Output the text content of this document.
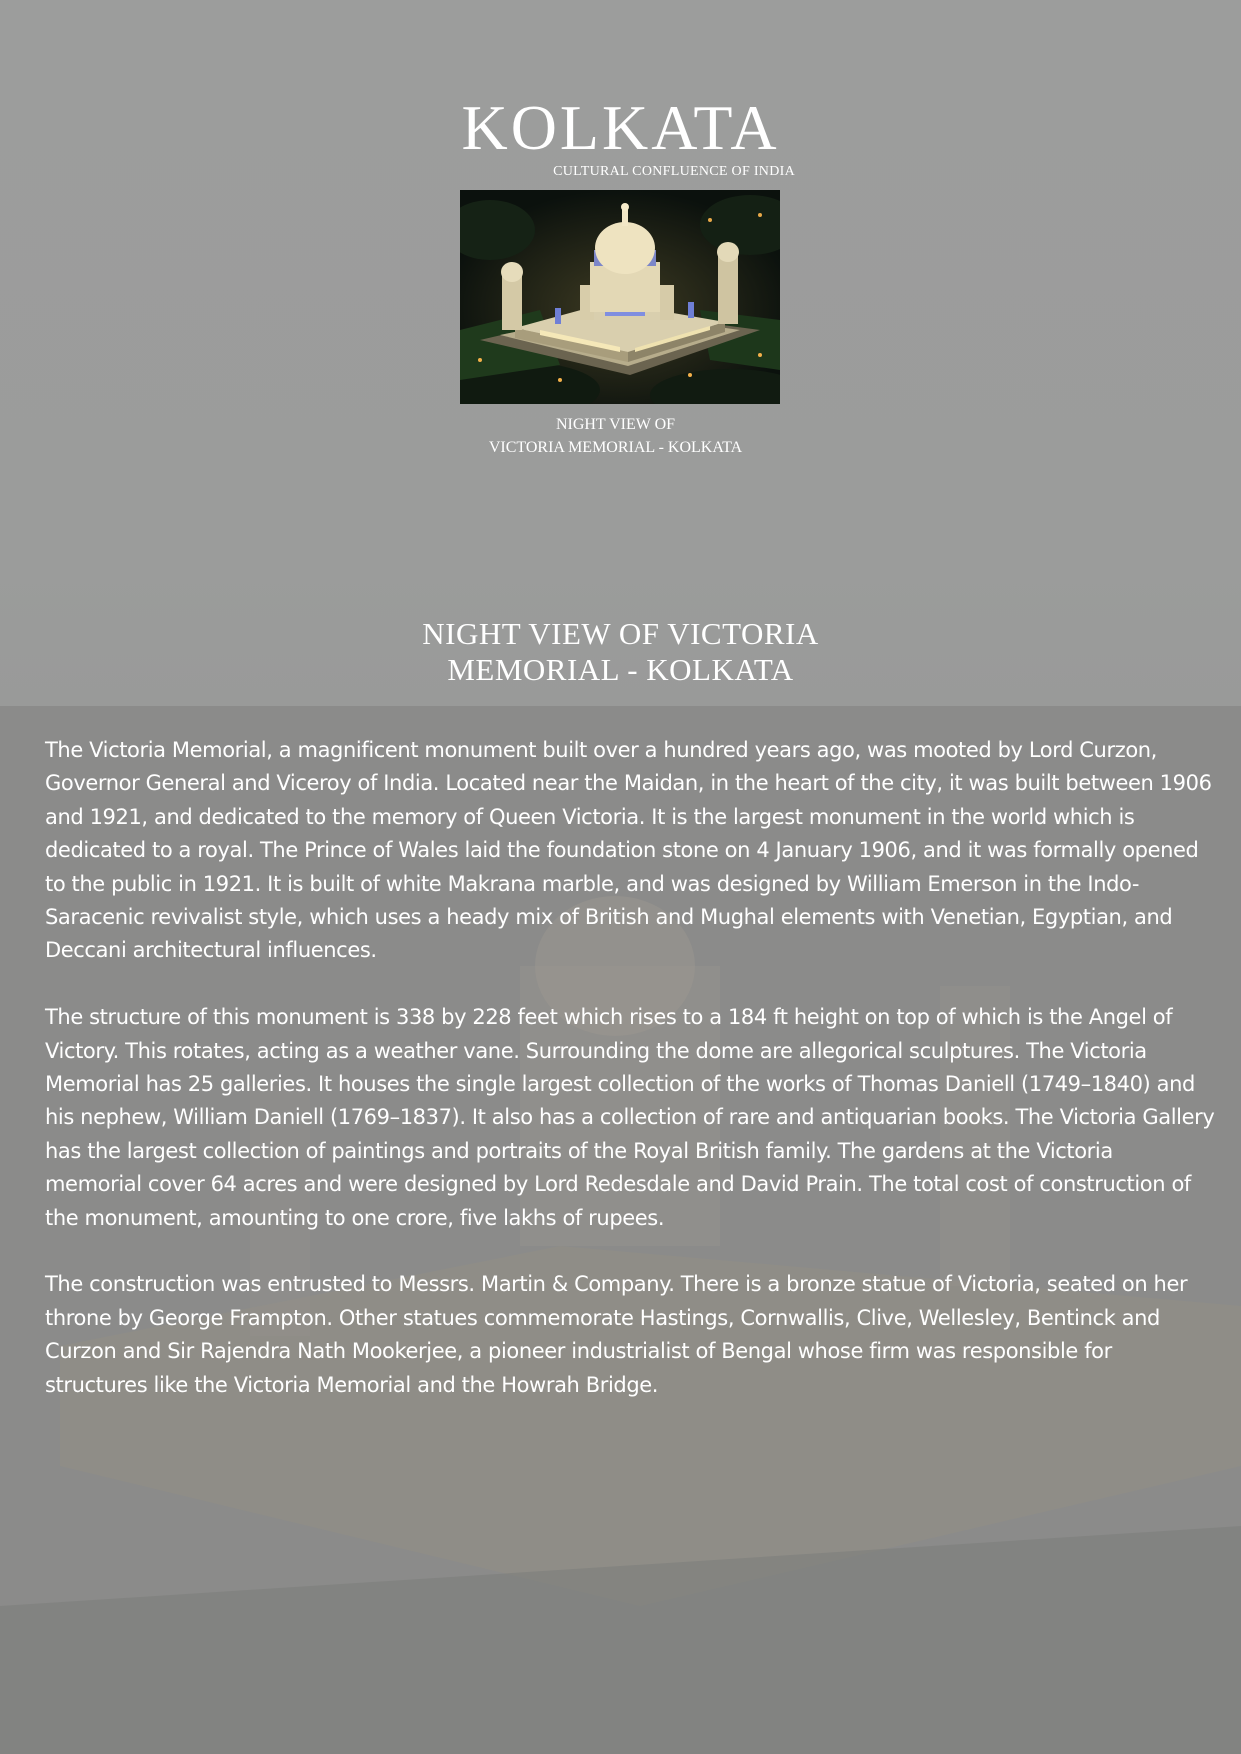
KOLKATA
CULTURAL CONFLUENCE OF INDIA
NIGHT VIEW OF
VICTORIA MEMORIAL - KOLKATA
NIGHT VIEW OF VICTORIA
MEMORIAL - KOLKATA

The Victoria Memorial, a magnificent monument built over a hundred years ago, was mooted by Lord Curzon, Governor General and Viceroy of India. Located near the Maidan, in the heart of the city, it was built between 1906 and 1921, and dedicated to the memory of Queen Victoria. It is the largest monument in the world which is dedicated to a royal. The Prince of Wales laid the foundation stone on 4 January 1906, and it was formally opened to the public in 1921. It is built of white Makrana marble, and was designed by William Emerson in the Indo-Saracenic revivalist style, which uses a heady mix of British and Mughal elements with Venetian, Egyptian, and Deccani architectural influences.

The structure of this monument is 338 by 228 feet which rises to a 184 ft height on top of which is the Angel of Victory. This rotates, acting as a weather vane. Surrounding the dome are allegorical sculptures. The Victoria Memorial has 25 galleries. It houses the single largest collection of the works of Thomas Daniell (1749–1840) and his nephew, William Daniell (1769–1837). It also has a collection of rare and antiquarian books. The Victoria Gallery has the largest collection of paintings and portraits of the Royal British family. The gardens at the Victoria memorial cover 64 acres and were designed by Lord Redesdale and David Prain. The total cost of construction of the monument, amounting to one crore, five lakhs of rupees.

The construction was entrusted to Messrs. Martin & Company. There is a bronze statue of Victoria, seated on her throne by George Frampton. Other statues commemorate Hastings, Cornwallis, Clive, Wellesley, Bentinck and Curzon and Sir Rajendra Nath Mookerjee, a pioneer industrialist of Bengal whose firm was responsible for structures like the Victoria Memorial and the Howrah Bridge.
